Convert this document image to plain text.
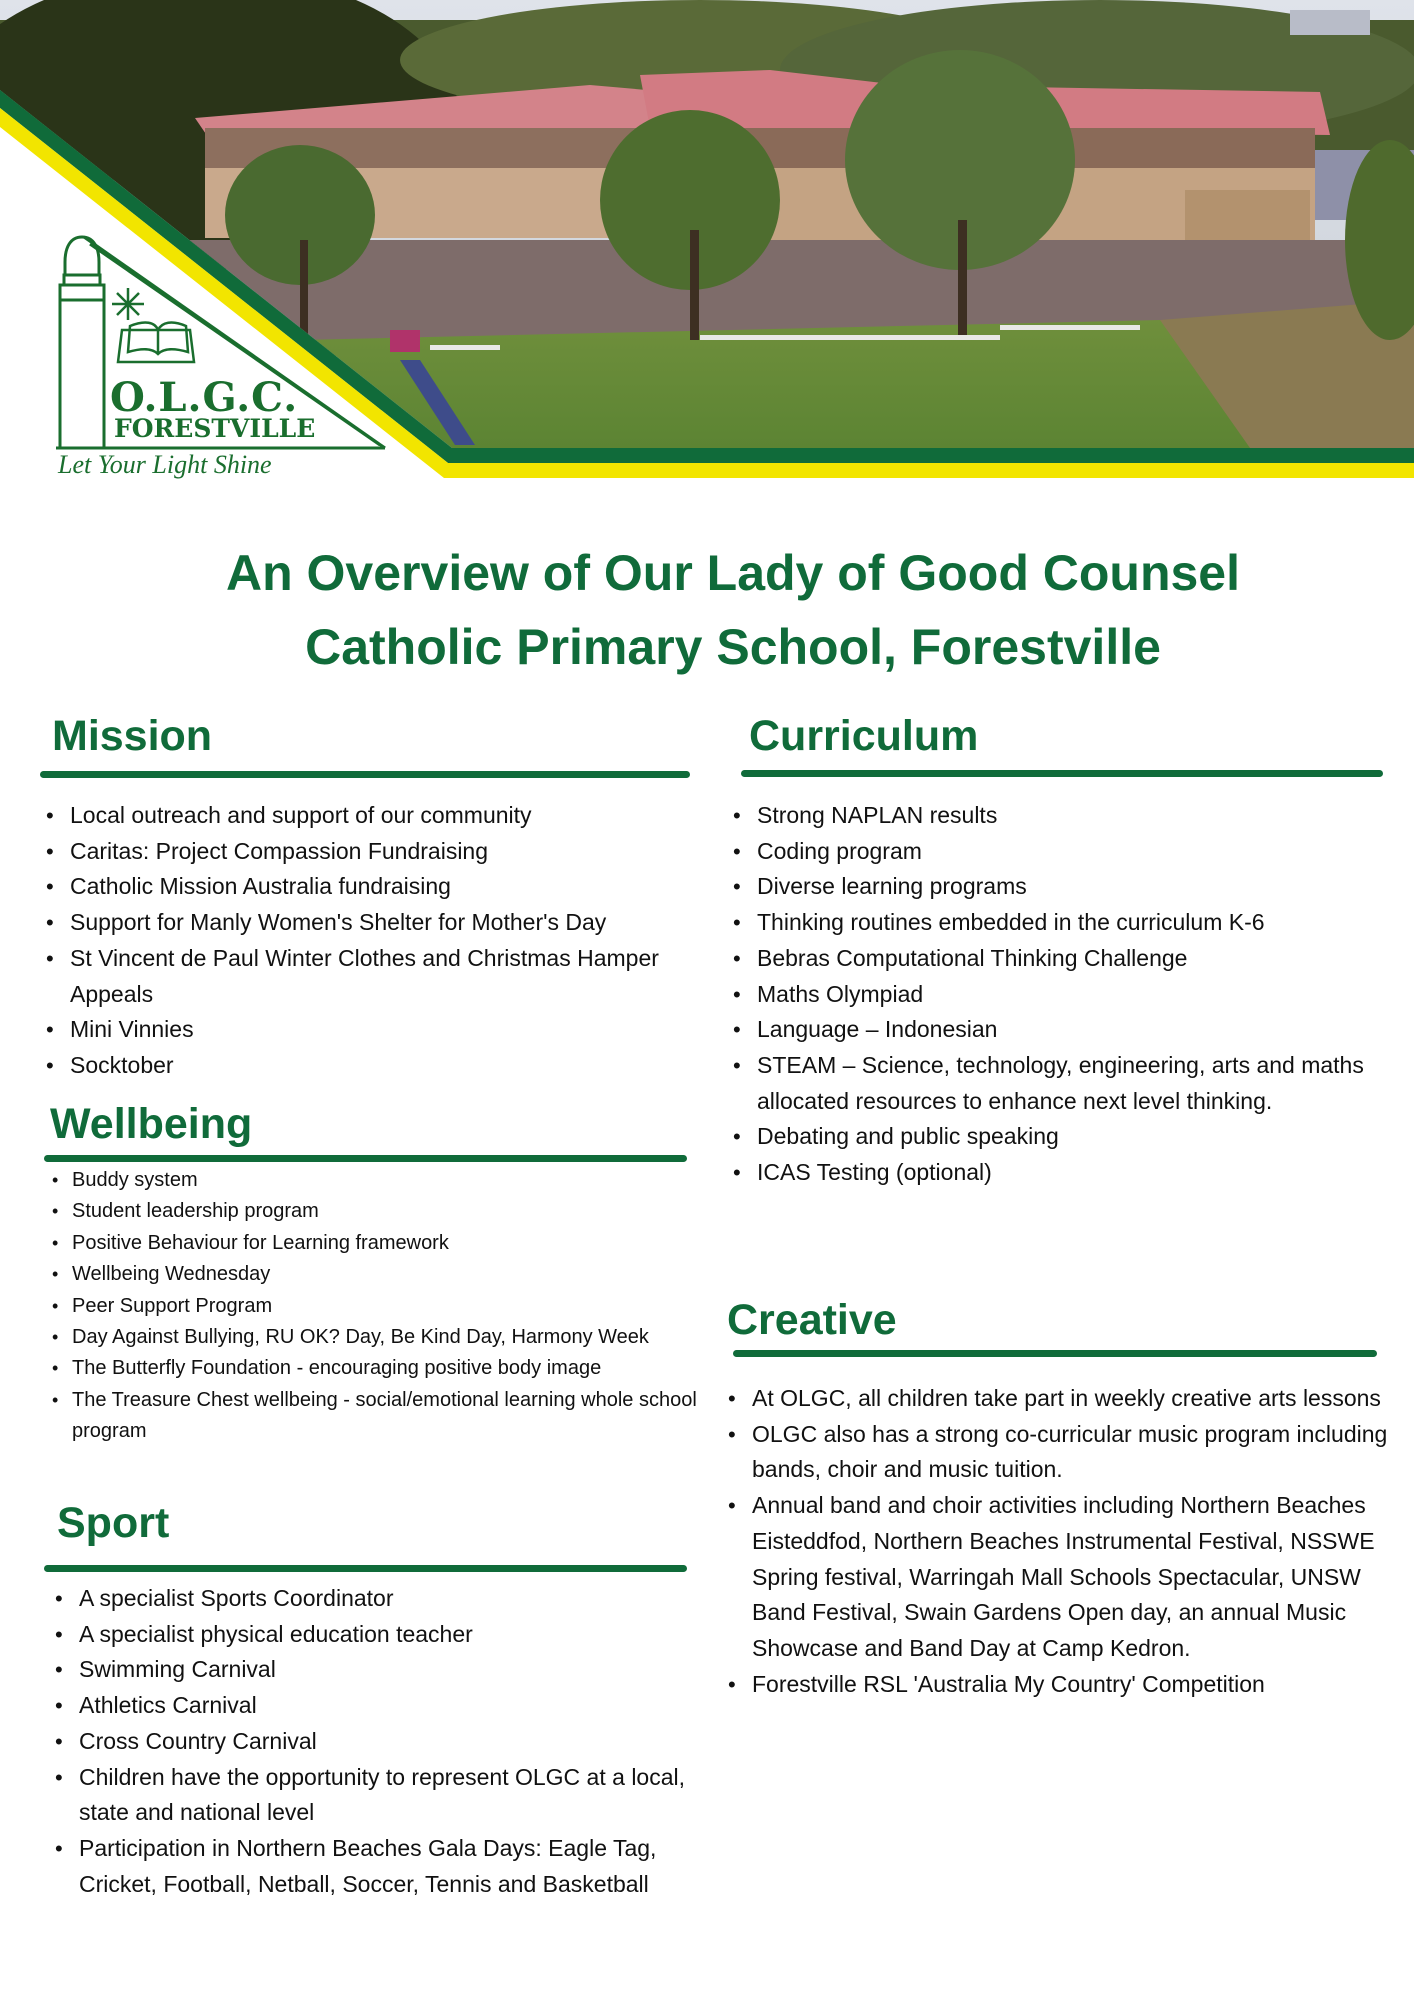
O.L.G.C.
FORESTVILLE
Let Your Light Shine
An Overview of Our Lady of Good Counsel
Catholic Primary School, Forestville
Mission
• Local outreach and support of our community
• Caritas: Project Compassion Fundraising
• Catholic Mission Australia fundraising
• Support for Manly Women's Shelter for Mother's Day
• St Vincent de Paul Winter Clothes and Christmas Hamper Appeals
• Mini Vinnies
• Socktober
Wellbeing
• Buddy system
• Student leadership program
• Positive Behaviour for Learning framework
• Wellbeing Wednesday
• Peer Support Program
• Day Against Bullying, RU OK? Day, Be Kind Day, Harmony Week
• The Butterfly Foundation - encouraging positive body image
• The Treasure Chest wellbeing - social/emotional learning whole school program
Sport
• A specialist Sports Coordinator
• A specialist physical education teacher
• Swimming Carnival
• Athletics Carnival
• Cross Country Carnival
• Children have the opportunity to represent OLGC at a local, state and national level
• Participation in Northern Beaches Gala Days: Eagle Tag, Cricket, Football, Netball, Soccer, Tennis and Basketball
Curriculum
• Strong NAPLAN results
• Coding program
• Diverse learning programs
• Thinking routines embedded in the curriculum K-6
• Bebras Computational Thinking Challenge
• Maths Olympiad
• Language – Indonesian
• STEAM – Science, technology, engineering, arts and maths allocated resources to enhance next level thinking.
• Debating and public speaking
• ICAS Testing (optional)
Creative
• At OLGC, all children take part in weekly creative arts lessons
• OLGC also has a strong co-curricular music program including bands, choir and music tuition.
• Annual band and choir activities including Northern Beaches Eisteddfod, Northern Beaches Instrumental Festival, NSSWE Spring festival, Warringah Mall Schools Spectacular, UNSW Band Festival, Swain Gardens Open day, an annual Music Showcase and Band Day at Camp Kedron.
• Forestville RSL 'Australia My Country' Competition
